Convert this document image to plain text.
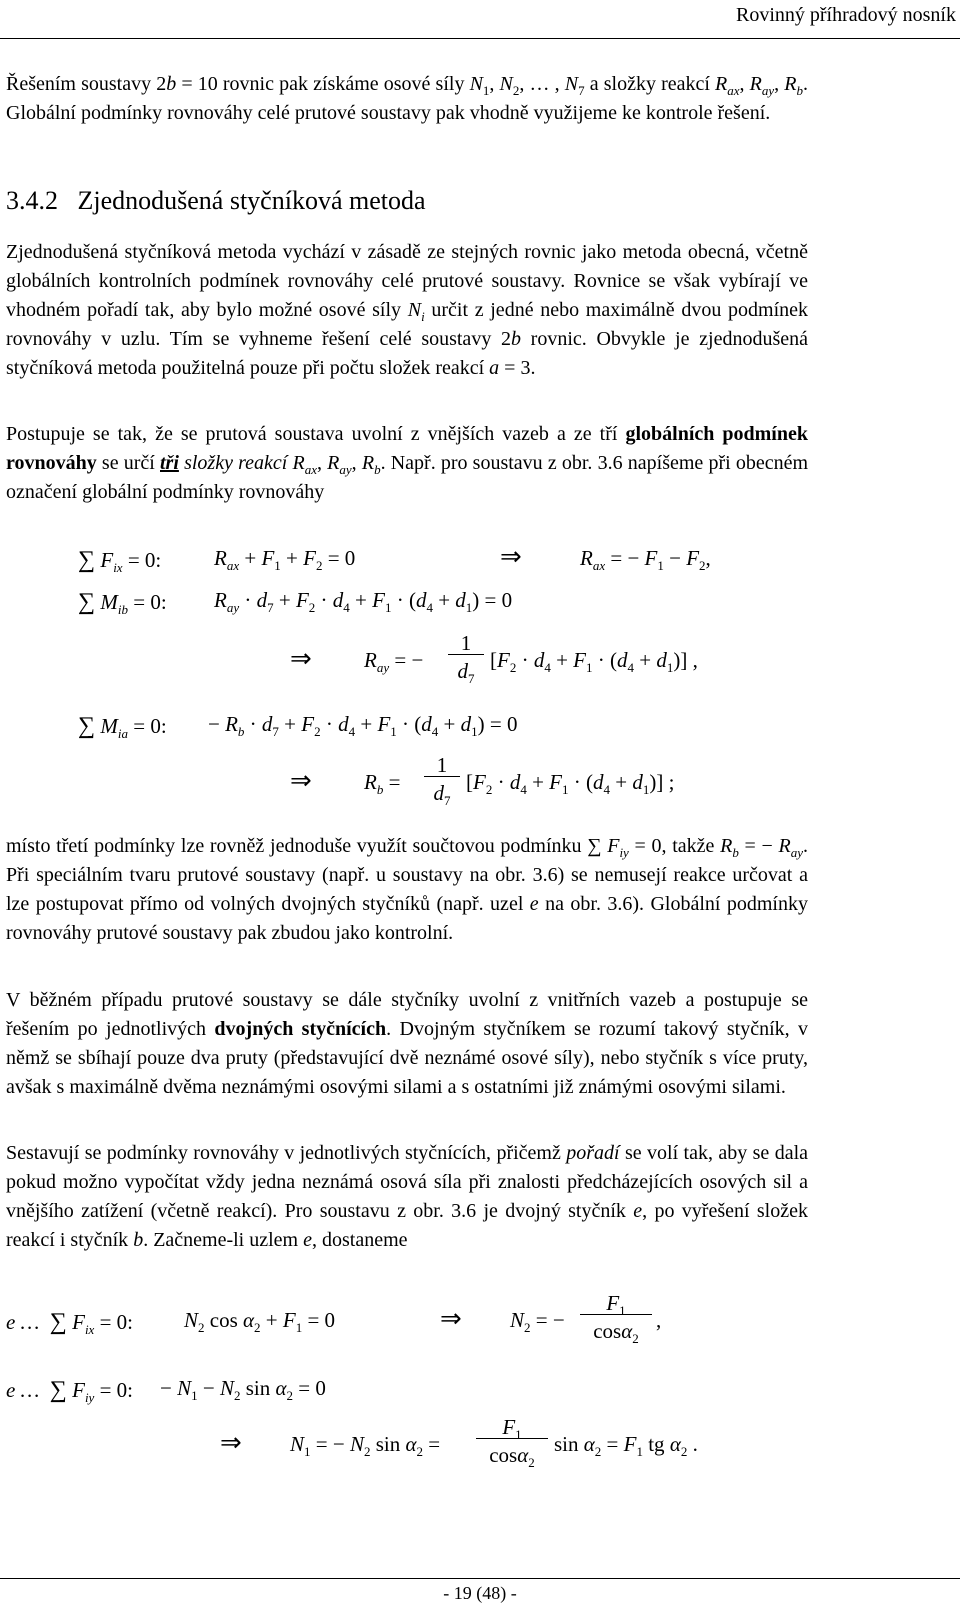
Rovinný příhradový nosník

Řešením soustavy 2b = 10 rovnic pak získáme osové síly $N_1$, $N_2$, … , $N_7$ a složky reakcí $R_{ax}$, $R_{ay}$, $R_b$. Globální podmínky rovnováhy celé prutové soustavy pak vhodně využijeme ke kontrole řešení.

3.4.2 Zjednodušená styčníková metoda

Zjednodušená styčníková metoda vychází v zásadě ze stejných rovnic jako metoda obecná, včetně globálních kontrolních podmínek rovnováhy celé prutové soustavy. Rovnice se však vybírají ve vhodném pořadí tak, aby bylo možné osové síly $N_i$ určit z jedné nebo maximálně dvou podmínek rovnováhy v uzlu. Tím se vyhneme řešení celé soustavy 2b rovnic. Obvykle je zjednodušená styčníková metoda použitelná pouze při počtu složek reakcí a = 3.

Postupuje se tak, že se prutová soustava uvolní z vnějších vazeb a ze tří globálních podmínek rovnováhy se určí tři složky reakcí $R_{ax}$, $R_{ay}$, $R_b$. Např. pro soustavu z obr. 3.6 napíšeme při obecném označení globální podmínky rovnováhy

∑ $F_{ix} = 0$:	$R_{ax} + F_1 + F_2 = 0$	⇒	$R_{ax}$ = − $F_1 - F_2$,
∑ $M_{ib} = 0$: $R_{ay} \cdot d_7 + F_2 \cdot d_4 + F_1 \cdot (d_4 + d_1) = 0$
⇒ $R_{ay}$ = − $\frac{1}{d_7} [F_2 \cdot d_4 + F_1 \cdot (d_4 + d_1)]$ ,
∑ $M_{ia} = 0$: − $R_b \cdot d_7 + F_2 \cdot d_4 + F_1 \cdot (d_4 + d_1) = 0$
⇒ $R_b = \frac{1}{d_7} [F_2 \cdot d_4 + F_1 \cdot (d_4 + d_1)]$ ;

místo třetí podmínky lze rovněž jednoduše využít součtovou podmínku ∑ $F_{iy} = 0$, takže $R_b$ = − $R_{ay}$. Při speciálním tvaru prutové soustavy (např. u soustavy na obr. 3.6) se nemusejí reakce určovat a lze postupovat přímo od volných dvojných styčníků (např. uzel e na obr. 3.6). Globální podmínky rovnováhy prutové soustavy pak zbudou jako kontrolní.

V běžném případu prutové soustavy se dále styčníky uvolní z vnitřních vazeb a postupuje se řešením po jednotlivých dvojných styčnících. Dvojným styčníkem se rozumí takový styčník, v němž se sbíhají pouze dva pruty (představující dvě neznámé osové síly), nebo styčník s více pruty, avšak s maximálně dvěma neznámými osovými silami a s ostatními již známými osovými silami.

Sestavují se podmínky rovnováhy v jednotlivých styčnících, přičemž pořadí se volí tak, aby se dala pokud možno vypočítat vždy jedna neznámá osová síla při znalosti předcházejících osových sil a vnějšího zatížení (včetně reakcí). Pro soustavu z obr. 3.6 je dvojný styčník e, po vyřešení složek reakcí i styčník b. Začneme-li uzlem e, dostaneme

e … ∑ $F_{ix} = 0$: $N_2$ $\cos \alpha_2 + F_1 = 0$	⇒ $N_2$ = − $\frac{F_1}{\cos\alpha_2}$ ,
e … ∑ $F_{iy} = 0$: − $N_1 - N_2$ $\sin \alpha_2 = 0$
⇒ $N_1$ = − $N_2$ $\sin \alpha_2 = \frac{F_1}{\cos\alpha_2}$ $\sin \alpha_2 = F_1$ tg $\alpha_2$ .
- 19 (48) -
